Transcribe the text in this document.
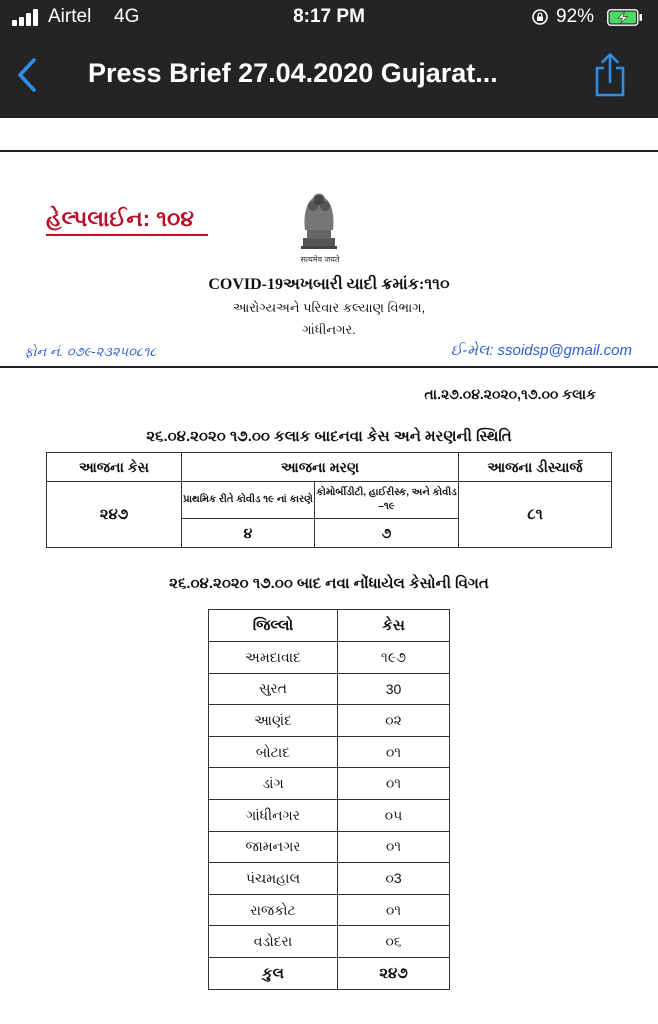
Airtel 4G	8:17 PM	92%
Press Brief 27.04.2020 Gujarat...
હેલ્પલાઈન: ૧૦૪
सत्यमेव जयते
COVID-19અખબારી યાદી ક્રમાંક:૧૧૦
આરોગ્યઅને પરિવાર કલ્યાણ વિભાગ,
ગાંધીનગર.
ફોન નં. ૦૭૯-૨૩૨૫૦૮૧૮	ઈ-મેલ: ssoidsp@gmail.com
તા.૨૭.૦૪.૨૦૨૦,૧૭.૦૦ કલાક
૨૬.૦૪.૨૦૨૦ ૧૭.૦૦ કલાક બાદનવા કેસ અને મરણની સ્થિતિ
આજના કેસ	આજના મરણ		આજના ડીસ્ચાર્જ
૨૪૭	પ્રાથમિક રીતે કોવીડ ૧૯ નાં કારણે	કોમોર્બીડીટી, હાઈરીસ્ક, અને કોવીડ –૧૯	૮૧
	૪	૭	
૨૬.૦૪.૨૦૨૦ ૧૭.૦૦ બાદ નવા નોંધાયેલ કેસોની વિગત
જિલ્લો	કેસ
અમદાવાદ	૧૯૭
સુરત	30
આણંદ	૦૨
બોટાદ	૦૧
ડાંગ	૦૧
ગાંધીનગર	૦૫
જામનગર	૦૧
પંચમહાલ	૦3
રાજકોટ	૦૧
વડોદરા	૦૬
કુલ	૨૪૭
